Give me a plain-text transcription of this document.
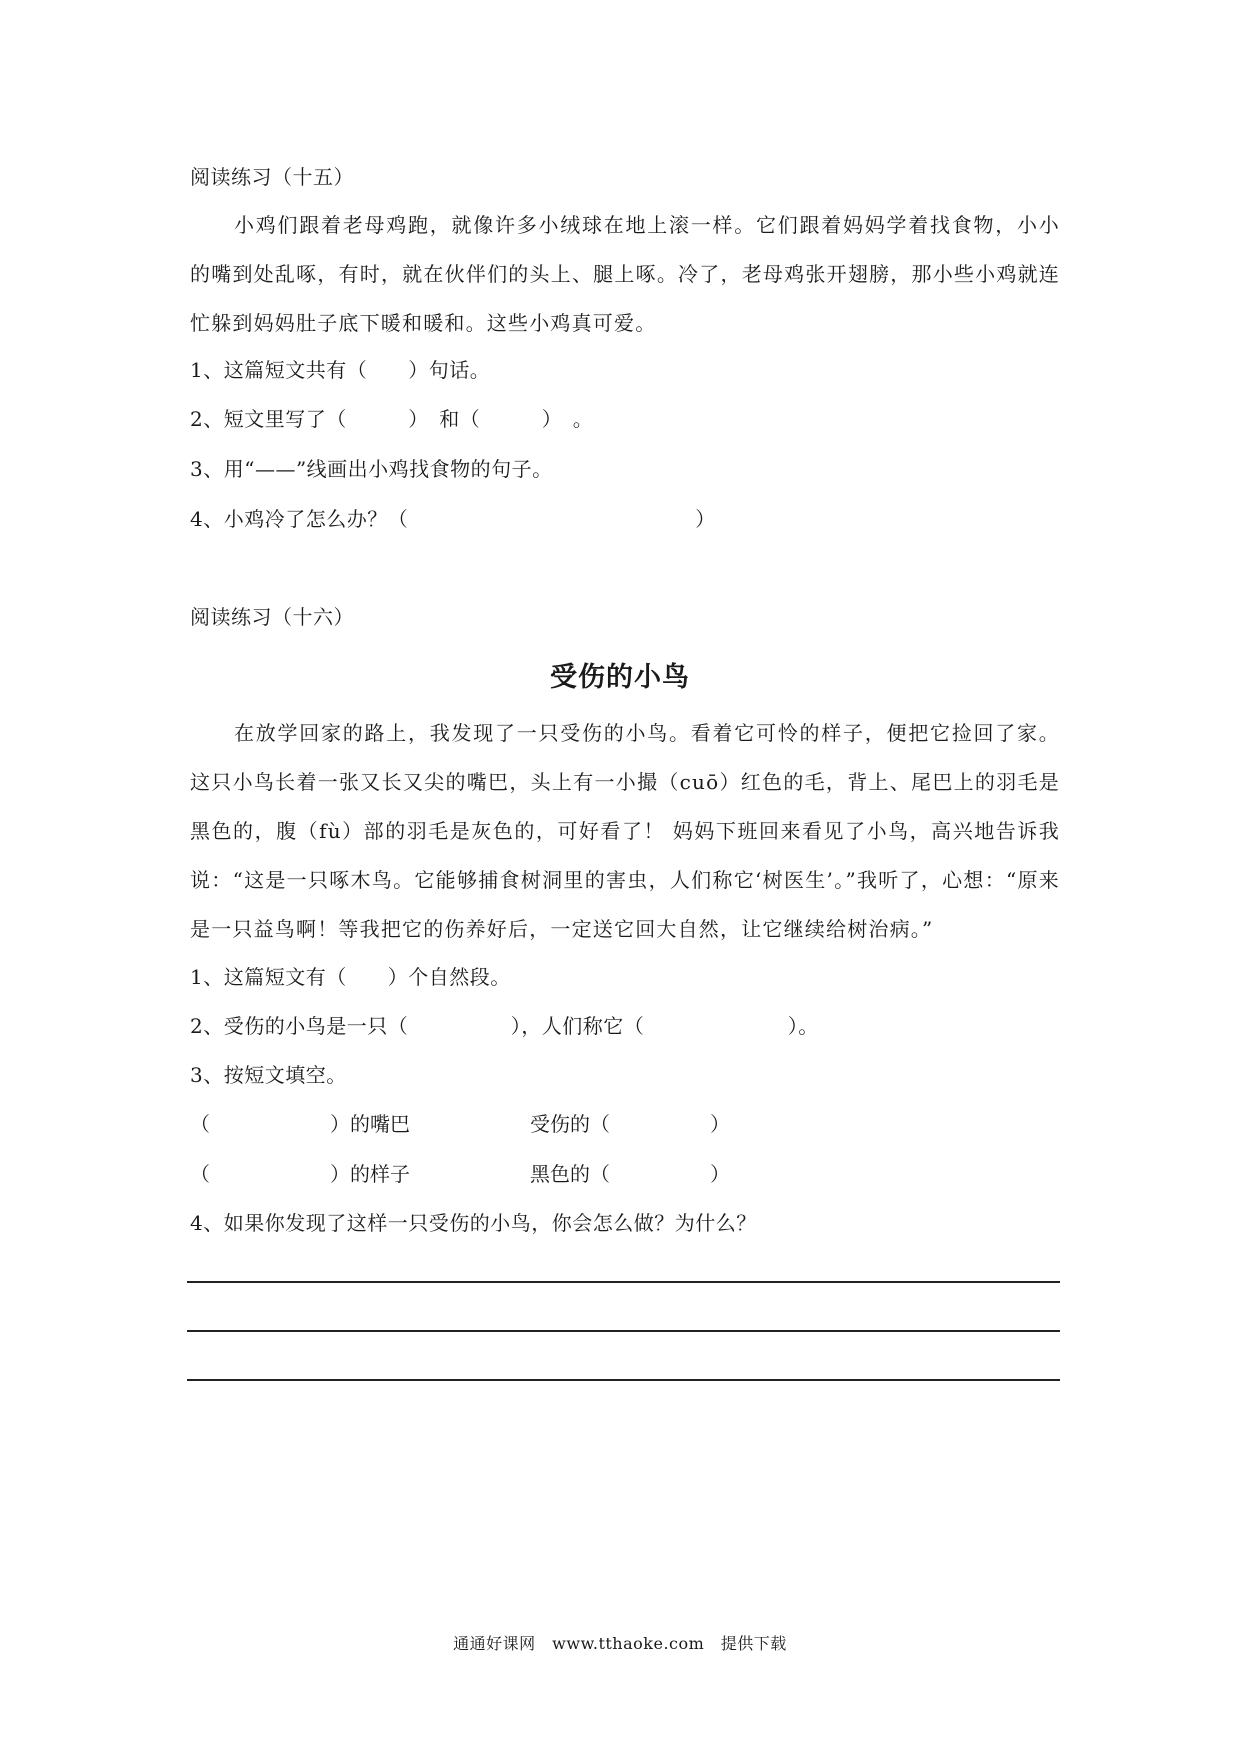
阅读练习（十五）
小鸡们跟着老母鸡跑，就像许多小绒球在地上滚一样。它们跟着妈妈学着找食物，小小的嘴到处乱啄，有时，就在伙伴们的头上、腿上啄。冷了，老母鸡张开翅膀，那小些小鸡就连忙躲到妈妈肚子底下暖和暖和。这些小鸡真可爱。
1、这篇短文共有（　　）句话。
2、短文里写了（　　　）　和（　　　）　。
3、用“——”线画出小鸡找食物的句子。
4、小鸡冷了怎么办？（　　　　　　　　　　　　　　）
阅读练习（十六）
受伤的小鸟
在放学回家的路上，我发现了一只受伤的小鸟。看着它可怜的样子，便把它捡回了家。这只小鸟长着一张又长又尖的嘴巴，头上有一小撮（cuō）红色的毛，背上、尾巴上的羽毛是黑色的，腹（fù）部的羽毛是灰色的，可好看了！ 妈妈下班回来看见了小鸟，高兴地告诉我说：“这是一只啄木鸟。它能够捕食树洞里的害虫，人们称它‘树医生’。”我听了，心想：“原来是一只益鸟啊！等我把它的伤养好后，一定送它回大自然，让它继续给树治病。”
1、这篇短文有（　　）个自然段。
2、受伤的小鸟是一只（　　　　　），人们称它（　　　　　　　）。
3、按短文填空。
（　　　　　　）的嘴巴	受伤的（　　　　　）
（　　　　　　）的样子	黑色的（　　　　　）
4、如果你发现了这样一只受伤的小鸟，你会怎么做？为什么？
通通好课网　www.tthaoke.com　提供下载
